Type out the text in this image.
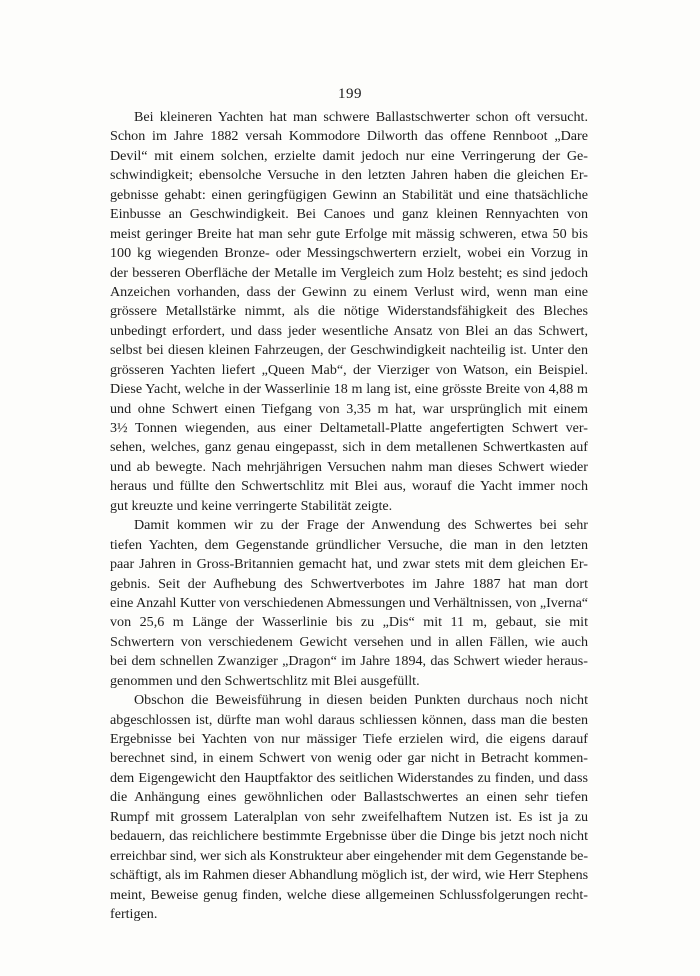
199
Bei kleineren Yachten hat man schwere Ballastschwerter schon oft versucht.
Schon im Jahre 1882 versah Kommodore Dilworth das offene Rennboot „Dare
Devil“ mit einem solchen, erzielte damit jedoch nur eine Verringerung der Ge-
schwindigkeit; ebensolche Versuche in den letzten Jahren haben die gleichen Er-
gebnisse gehabt: einen geringfügigen Gewinn an Stabilität und eine thatsächliche
Einbusse an Geschwindigkeit. Bei Canoes und ganz kleinen Rennyachten von
meist geringer Breite hat man sehr gute Erfolge mit mässig schweren, etwa 50 bis
100 kg wiegenden Bronze- oder Messingschwertern erzielt, wobei ein Vorzug in
der besseren Oberfläche der Metalle im Vergleich zum Holz besteht; es sind jedoch
Anzeichen vorhanden, dass der Gewinn zu einem Verlust wird, wenn man eine
grössere Metallstärke nimmt, als die nötige Widerstandsfähigkeit des Bleches
unbedingt erfordert, und dass jeder wesentliche Ansatz von Blei an das Schwert,
selbst bei diesen kleinen Fahrzeugen, der Geschwindigkeit nachteilig ist. Unter den
grösseren Yachten liefert „Queen Mab“, der Vierziger von Watson, ein Beispiel.
Diese Yacht, welche in der Wasserlinie 18 m lang ist, eine grösste Breite von 4,88 m
und ohne Schwert einen Tiefgang von 3,35 m hat, war ursprünglich mit einem
3½ Tonnen wiegenden, aus einer Deltametall-Platte angefertigten Schwert ver-
sehen, welches, ganz genau eingepasst, sich in dem metallenen Schwertkasten auf
und ab bewegte. Nach mehrjährigen Versuchen nahm man dieses Schwert wieder
heraus und füllte den Schwertschlitz mit Blei aus, worauf die Yacht immer noch
gut kreuzte und keine verringerte Stabilität zeigte.
Damit kommen wir zu der Frage der Anwendung des Schwertes bei sehr
tiefen Yachten, dem Gegenstande gründlicher Versuche, die man in den letzten
paar Jahren in Gross-Britannien gemacht hat, und zwar stets mit dem gleichen Er-
gebnis. Seit der Aufhebung des Schwertverbotes im Jahre 1887 hat man dort
eine Anzahl Kutter von verschiedenen Abmessungen und Verhältnissen, von „Iverna“
von 25,6 m Länge der Wasserlinie bis zu „Dis“ mit 11 m, gebaut, sie mit
Schwertern von verschiedenem Gewicht versehen und in allen Fällen, wie auch
bei dem schnellen Zwanziger „Dragon“ im Jahre 1894, das Schwert wieder heraus-
genommen und den Schwertschlitz mit Blei ausgefüllt.
Obschon die Beweisführung in diesen beiden Punkten durchaus noch nicht
abgeschlossen ist, dürfte man wohl daraus schliessen können, dass man die besten
Ergebnisse bei Yachten von nur mässiger Tiefe erzielen wird, die eigens darauf
berechnet sind, in einem Schwert von wenig oder gar nicht in Betracht kommen-
dem Eigengewicht den Hauptfaktor des seitlichen Widerstandes zu finden, und dass
die Anhängung eines gewöhnlichen oder Ballastschwertes an einen sehr tiefen
Rumpf mit grossem Lateralplan von sehr zweifelhaftem Nutzen ist. Es ist ja zu
bedauern, das reichlichere bestimmte Ergebnisse über die Dinge bis jetzt noch nicht
erreichbar sind, wer sich als Konstrukteur aber eingehender mit dem Gegenstande be-
schäftigt, als im Rahmen dieser Abhandlung möglich ist, der wird, wie Herr Stephens
meint, Beweise genug finden, welche diese allgemeinen Schlussfolgerungen recht-
fertigen.
